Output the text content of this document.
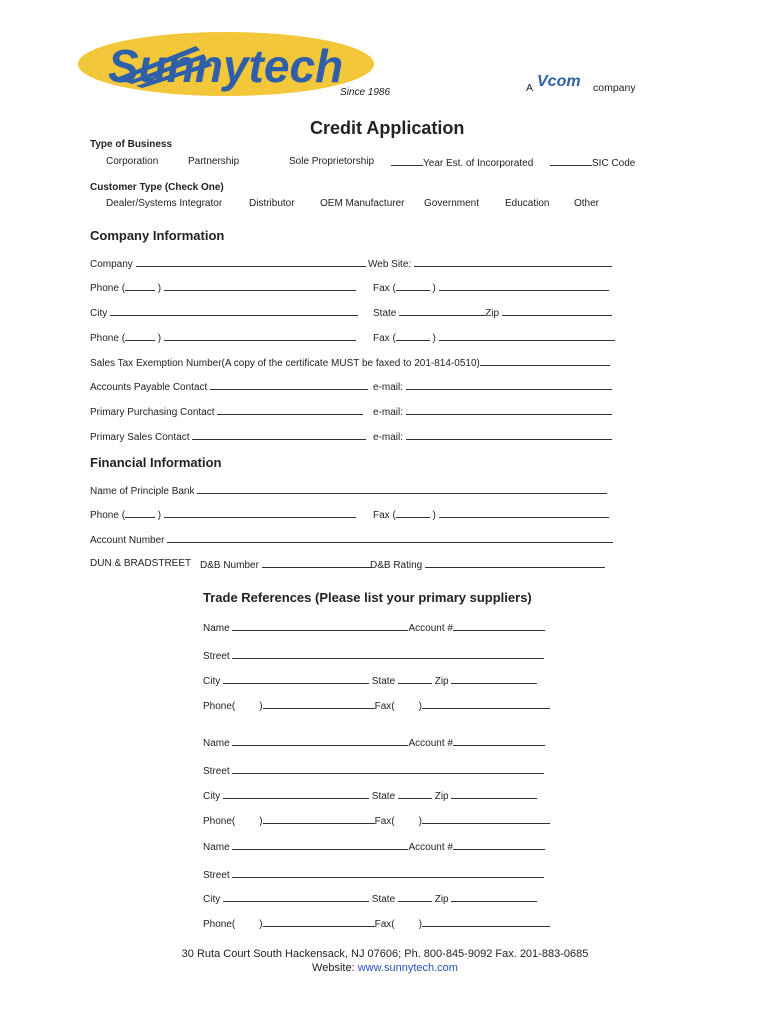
Sunnytech
Since 1986	A Vcom company
Credit Application
Type of Business
Corporation	Partnership	Sole Proprietorship	Year Est. of Incorporated	SIC Code
Customer Type (Check One)
Dealer/Systems Integrator	Distributor	OEM Manufacturer Government	Education Other
Company Information
Company	Web Site:
Phone (	)	Fax (	)
City	State	Zip
Phone (	)	Fax (	)
Sales Tax Exemption Number(A copy of the certificate MUST be faxed to 201-814-0510)
Accounts Payable Contact	e-mail:
Primary Purchasing Contact	e-mail:
Primary Sales Contact	e-mail:
Financial Information
Name of Principle Bank
Phone (	)	Fax (	)
Account Number
DUN & BRADSTREET D&B Number	D&B Rating
Trade References (Please list your primary suppliers)
Name	Account #
Street
City	State	Zip
Phone( )	Fax( )
Name	Account #
Street
City	State	Zip
Phone( )	Fax( )
Name	Account #
Street
City	State	Zip
Phone( )	Fax( )
30 Ruta Court South Hackensack, NJ 07606; Ph. 800-845-9092 Fax. 201-883-0685
Website: www.sunnytech.com
